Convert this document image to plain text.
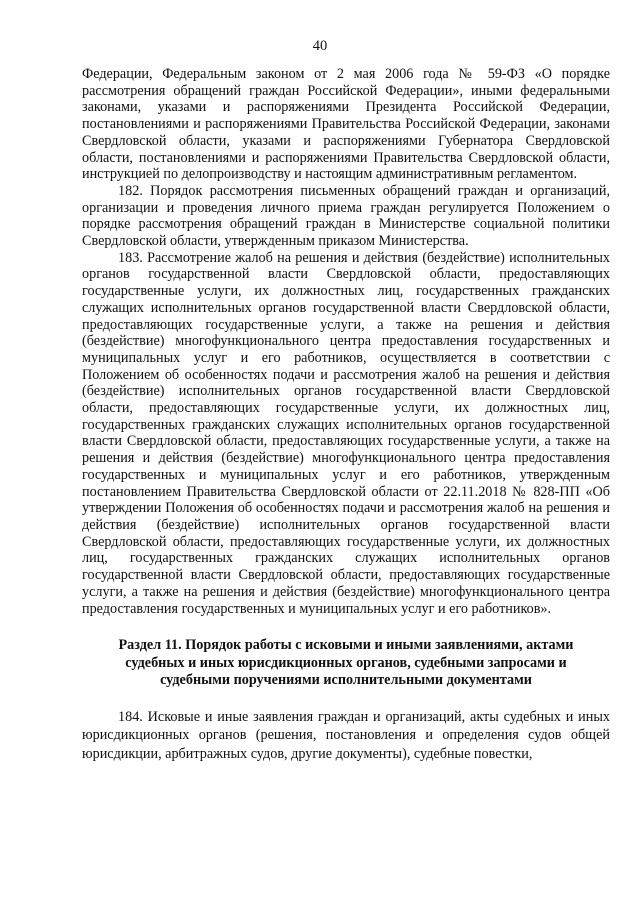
40

Федерации, Федеральным законом от 2 мая 2006 года № 59-ФЗ «О порядке рассмотрения обращений граждан Российской Федерации», иными федеральными законами, указами и распоряжениями Президента Российской Федерации, постановлениями и распоряжениями Правительства Российской Федерации, законами Свердловской области, указами и распоряжениями Губернатора Свердловской области, постановлениями и распоряжениями Правительства Свердловской области, инструкцией по делопроизводству и настоящим административным регламентом.

182. Порядок рассмотрения письменных обращений граждан и организаций, организации и проведения личного приема граждан регулируется Положением о порядке рассмотрения обращений граждан в Министерстве социальной политики Свердловской области, утвержденным приказом Министерства.

183. Рассмотрение жалоб на решения и действия (бездействие) исполнительных органов государственной власти Свердловской области, предоставляющих государственные услуги, их должностных лиц, государственных гражданских служащих исполнительных органов государственной власти Свердловской области, предоставляющих государственные услуги, а также на решения и действия (бездействие) многофункционального центра предоставления государственных и муниципальных услуг и его работников, осуществляется в соответствии с Положением об особенностях подачи и рассмотрения жалоб на решения и действия (бездействие) исполнительных органов государственной власти Свердловской области, предоставляющих государственные услуги, их должностных лиц, государственных гражданских служащих исполнительных органов государственной власти Свердловской области, предоставляющих государственные услуги, а также на решения и действия (бездействие) многофункционального центра предоставления государственных и муниципальных услуг и его работников, утвержденным постановлением Правительства Свердловской области от 22.11.2018 № 828-ПП «Об утверждении Положения об особенностях подачи и рассмотрения жалоб на решения и действия (бездействие) исполнительных органов государственной власти Свердловской области, предоставляющих государственные услуги, их должностных лиц, государственных гражданских служащих исполнительных органов государственной власти Свердловской области, предоставляющих государственные услуги, а также на решения и действия (бездействие) многофункционального центра предоставления государственных и муниципальных услуг и его работников».

Раздел 11. Порядок работы с исковыми и иными заявлениями, актами судебных и иных юрисдикционных органов, судебными запросами и судебными поручениями исполнительными документами

184. Исковые и иные заявления граждан и организаций, акты судебных и иных юрисдикционных органов (решения, постановления и определения судов общей юрисдикции, арбитражных судов, другие документы), судебные повестки,
